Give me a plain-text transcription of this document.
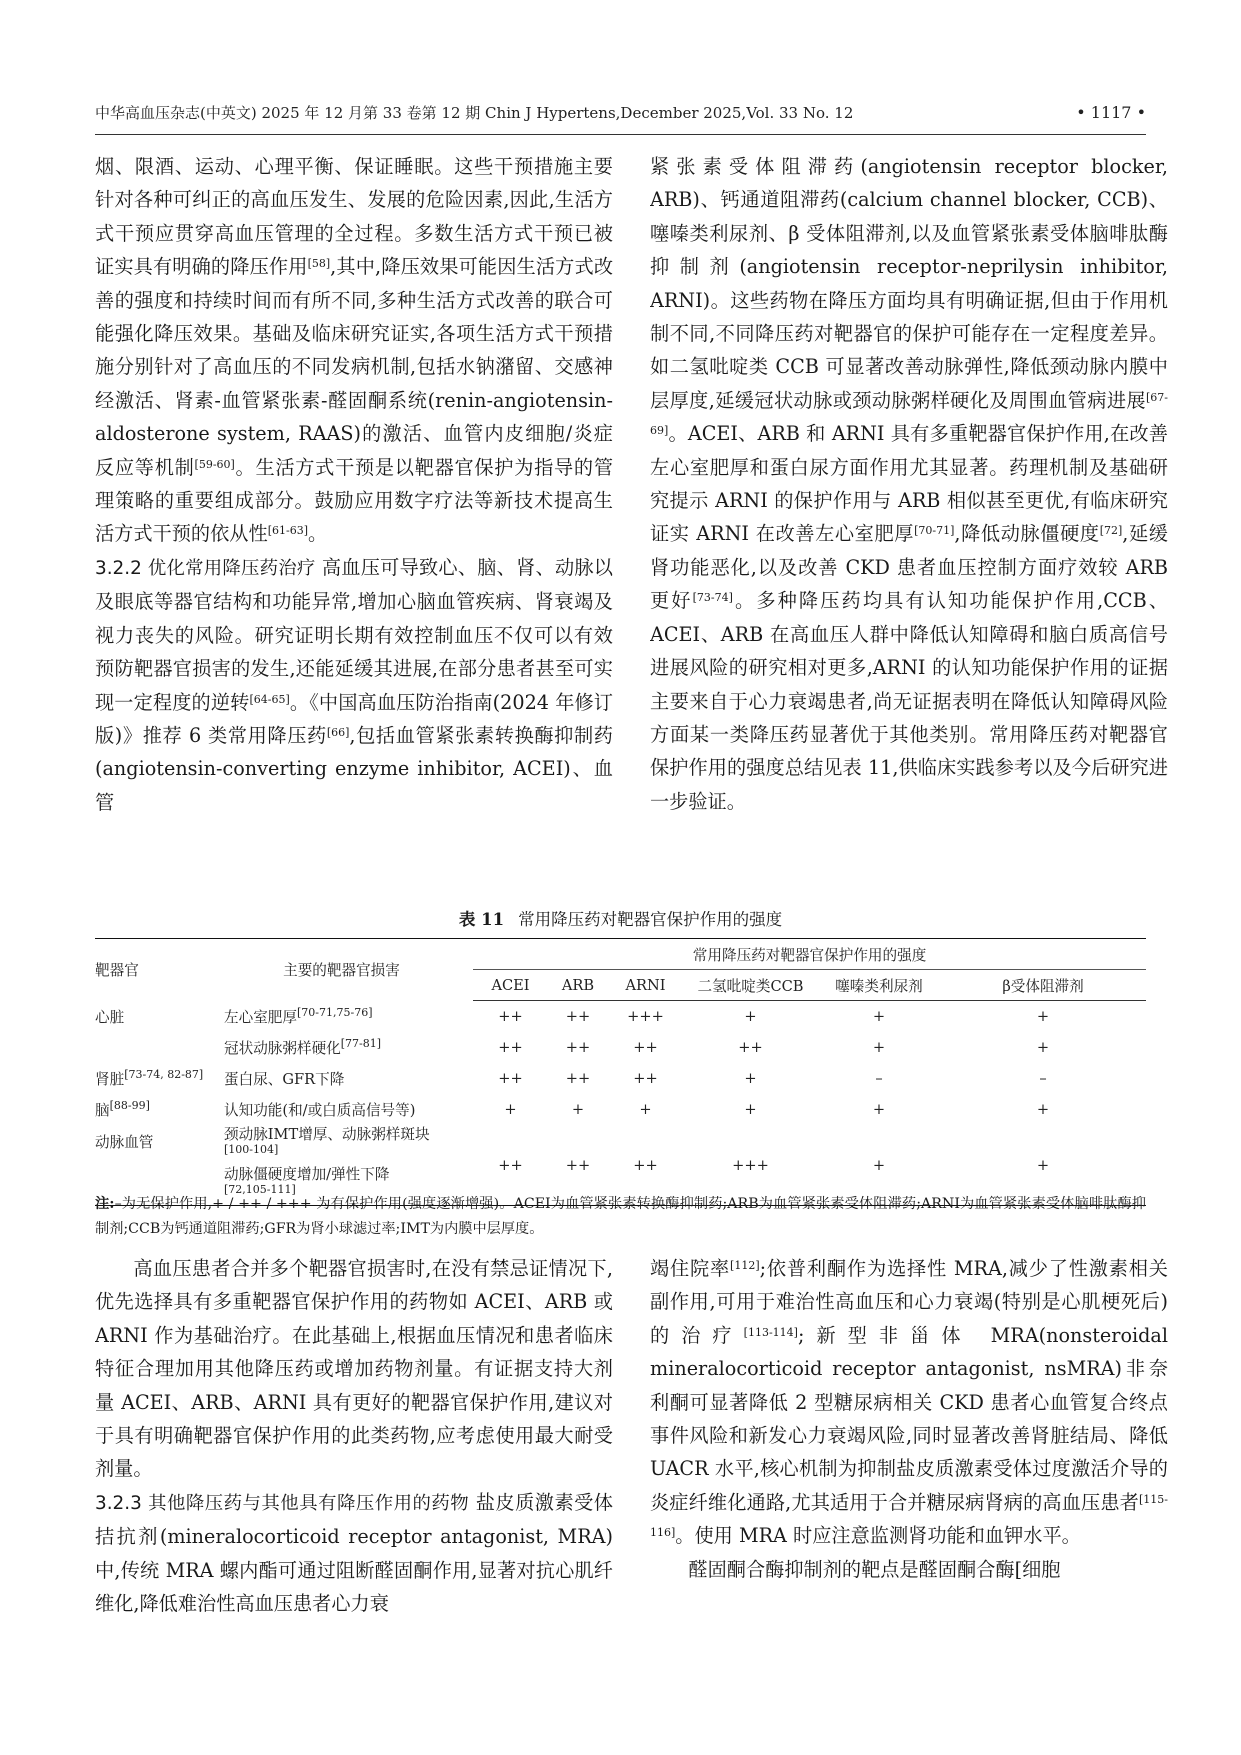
中华高血压杂志(中英文) 2025 年 12 月第 33 卷第 12 期 Chin J Hypertens,December 2025,Vol. 33 No. 12	• 1117 •

烟、限酒、运动、心理平衡、保证睡眠。这些干预措施主要针对各种可纠正的高血压发生、发展的危险因素,因此,生活方式干预应贯穿高血压管理的全过程。多数生活方式干预已被证实具有明确的降压作用[58],其中,降压效果可能因生活方式改善的强度和持续时间而有所不同,多种生活方式改善的联合可能强化降压效果。基础及临床研究证实,各项生活方式干预措施分别针对了高血压的不同发病机制,包括水钠潴留、交感神经激活、肾素-血管紧张素-醛固酮系统(renin-angiotensin-aldosterone system, RAAS)的激活、血管内皮细胞/炎症反应等机制[59-60]。生活方式干预是以靶器官保护为指导的管理策略的重要组成部分。鼓励应用数字疗法等新技术提高生活方式干预的依从性[61-63]。

3.2.2 优化常用降压药治疗 高血压可导致心、脑、肾、动脉以及眼底等器官结构和功能异常,增加心脑血管疾病、肾衰竭及视力丧失的风险。研究证明长期有效控制血压不仅可以有效预防靶器官损害的发生,还能延缓其进展,在部分患者甚至可实现一定程度的逆转[64-65]。《中国高血压防治指南(2024 年修订版)》推荐 6 类常用降压药[66],包括血管紧张素转换酶抑制药(angiotensin-converting enzyme inhibitor, ACEI)、血管

紧张素受体阻滞药(angiotensin receptor blocker, ARB)、钙通道阻滞药(calcium channel blocker, CCB)、噻嗪类利尿剂、β 受体阻滞剂,以及血管紧张素受体脑啡肽酶抑制剂(angiotensin receptor-neprilysin inhibitor, ARNI)。这些药物在降压方面均具有明确证据,但由于作用机制不同,不同降压药对靶器官的保护可能存在一定程度差异。如二氢吡啶类 CCB 可显著改善动脉弹性,降低颈动脉内膜中层厚度,延缓冠状动脉或颈动脉粥样硬化及周围血管病进展[67-69]。ACEI、ARB 和 ARNI 具有多重靶器官保护作用,在改善左心室肥厚和蛋白尿方面作用尤其显著。药理机制及基础研究提示 ARNI 的保护作用与 ARB 相似甚至更优,有临床研究证实 ARNI 在改善左心室肥厚[70-71],降低动脉僵硬度[72],延缓肾功能恶化,以及改善 CKD 患者血压控制方面疗效较 ARB 更好[73-74]。多种降压药均具有认知功能保护作用,CCB、ACEI、ARB 在高血压人群中降低认知障碍和脑白质高信号进展风险的研究相对更多,ARNI 的认知功能保护作用的证据主要来自于心力衰竭患者,尚无证据表明在降低认知障碍风险方面某一类降压药显著优于其他类别。常用降压药对靶器官保护作用的强度总结见表 11,供临床实践参考以及今后研究进一步验证。

表 11 常用降压药对靶器官保护作用的强度
靶器官	主要的靶器官损害	常用降压药对靶器官保护作用的强度					
		ACEI	ARB	ARNI	二氢吡啶类CCB	噻嗪类利尿剂	β受体阻滞剂
心脏	左心室肥厚[70-71,75-76]	++	++	+++	+	+	+
	冠状动脉粥样硬化[77-81]	++	++	++	++	+	+
肾脏[73-74, 82-87]	蛋白尿、GFR下降	++	++	++	+	–	–
脑[88-99]	认知功能(和/或白质高信号等)	+	+	+	+	+	+
动脉血管	颈动脉IMT增厚、动脉粥样斑块
[100-104]
动脉僵硬度增加/弹性下降
[72,105-111]	++	++	++	+++	+	+
注:–为无保护作用,+ / ++ / +++ 为有保护作用(强度逐渐增强)。ACEI为血管紧张素转换酶抑制药;ARB为血管紧张素受体阻滞药;ARNI为血管紧张素受体脑啡肽酶抑制剂;CCB为钙通道阻滞药;GFR为肾小球滤过率;IMT为内膜中层厚度。

高血压患者合并多个靶器官损害时,在没有禁忌证情况下,优先选择具有多重靶器官保护作用的药物如 ACEI、ARB 或 ARNI 作为基础治疗。在此基础上,根据血压情况和患者临床特征合理加用其他降压药或增加药物剂量。有证据支持大剂量 ACEI、ARB、ARNI 具有更好的靶器官保护作用,建议对于具有明确靶器官保护作用的此类药物,应考虑使用最大耐受剂量。

3.2.3 其他降压药与其他具有降压作用的药物 盐皮质激素受体拮抗剂(mineralocorticoid receptor antagonist, MRA)中,传统 MRA 螺内酯可通过阻断醛固酮作用,显著对抗心肌纤维化,降低难治性高血压患者心力衰

竭住院率[112];依普利酮作为选择性 MRA,减少了性激素相关副作用,可用于难治性高血压和心力衰竭(特别是心肌梗死后)的治疗[113-114];新型非甾体 MRA(nonsteroidal mineralocorticoid receptor antagonist, nsMRA)非奈利酮可显著降低 2 型糖尿病相关 CKD 患者心血管复合终点事件风险和新发心力衰竭风险,同时显著改善肾脏结局、降低 UACR 水平,核心机制为抑制盐皮质激素受体过度激活介导的炎症纤维化通路,尤其适用于合并糖尿病肾病的高血压患者[115-116]。使用 MRA 时应注意监测肾功能和血钾水平。

醛固酮合酶抑制剂的靶点是醛固酮合酶[细胞
